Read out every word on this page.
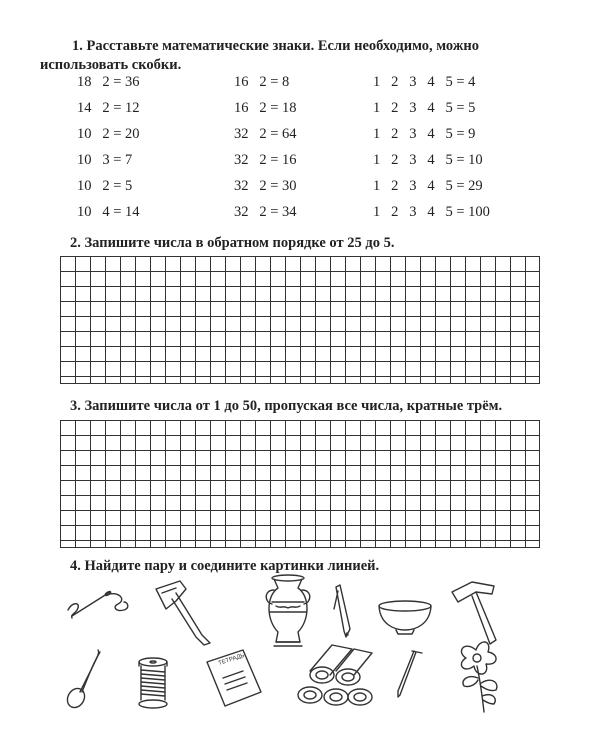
1. Расставьте математические знаки. Если необходимо, можно использовать скобки.

18   2 = 36
14   2 = 12
10   2 = 20
10   3 = 7
10   2 = 5
10   4 = 14
16   2 = 8
16   2 = 18
32   2 = 64
32   2 = 16
32   2 = 30
32   2 = 34
1   2   3   4   5 = 4
1   2   3   4   5 = 5
1   2   3   4   5 = 9
1   2   3   4   5 = 10
1   2   3   4   5 = 29
1   2   3   4   5 = 100

2. Запишите числа в обратном порядке от 25 до 5.

3. Запишите числа от 1 до 50, пропуская все числа, кратные трём.

4. Найдите пару и соедините картинки линией.

ТЕТРАДЬ
